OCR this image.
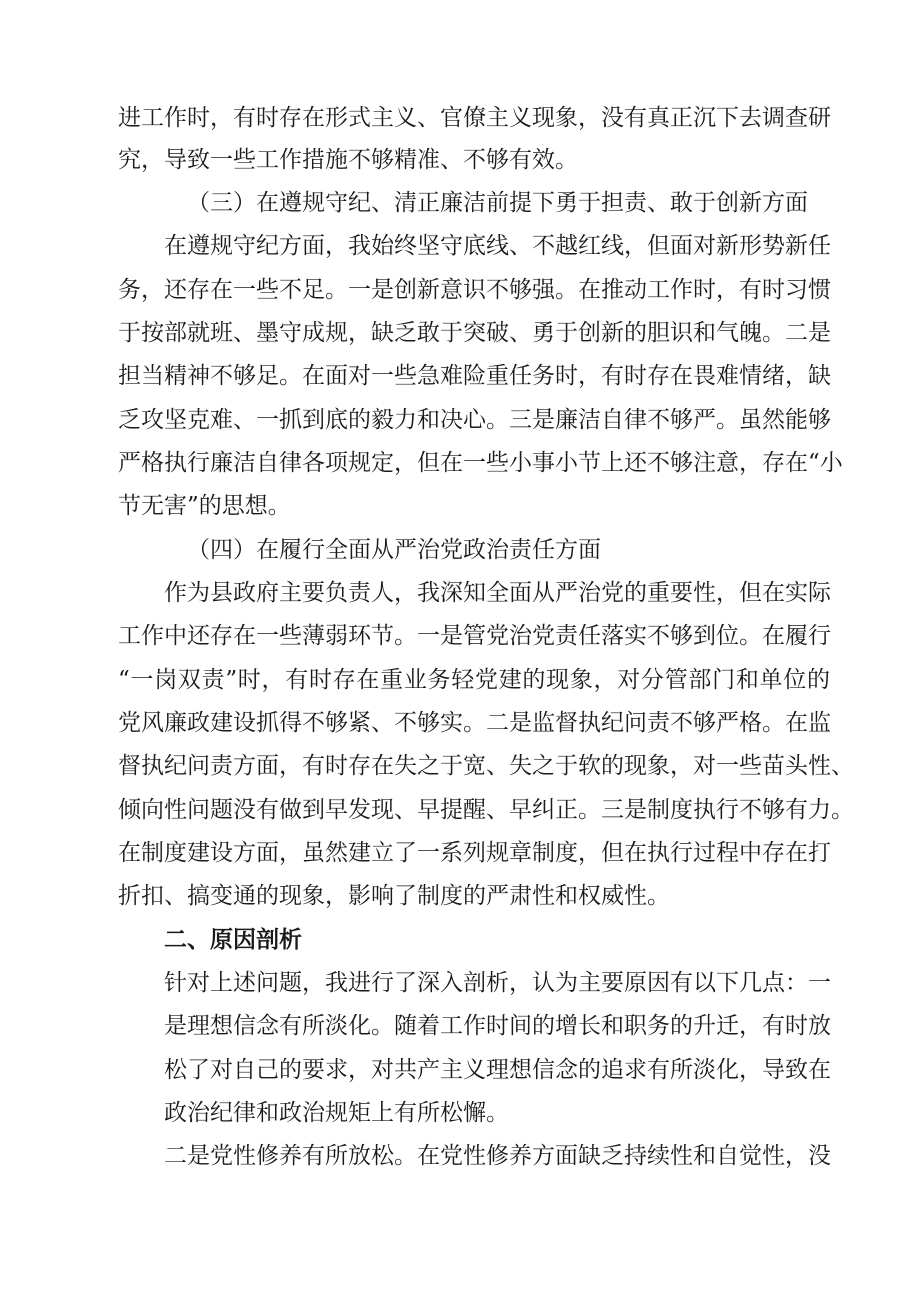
进工作时，有时存在形式主义、官僚主义现象，没有真正沉下去调查研
究，导致一些工作措施不够精准、不够有效。
（三）在遵规守纪、清正廉洁前提下勇于担责、敢于创新方面
在遵规守纪方面，我始终坚守底线、不越红线，但面对新形势新任
务，还存在一些不足。一是创新意识不够强。在推动工作时，有时习惯
于按部就班、墨守成规，缺乏敢于突破、勇于创新的胆识和气魄。二是
担当精神不够足。在面对一些急难险重任务时，有时存在畏难情绪，缺
乏攻坚克难、一抓到底的毅力和决心。三是廉洁自律不够严。虽然能够
严格执行廉洁自律各项规定，但在一些小事小节上还不够注意，存在“小
节无害”的思想。
（四）在履行全面从严治党政治责任方面
作为县政府主要负责人，我深知全面从严治党的重要性，但在实际
工作中还存在一些薄弱环节。一是管党治党责任落实不够到位。在履行
“一岗双责”时，有时存在重业务轻党建的现象，对分管部门和单位的
党风廉政建设抓得不够紧、不够实。二是监督执纪问责不够严格。在监
督执纪问责方面，有时存在失之于宽、失之于软的现象，对一些苗头性、
倾向性问题没有做到早发现、早提醒、早纠正。三是制度执行不够有力。
在制度建设方面，虽然建立了一系列规章制度，但在执行过程中存在打
折扣、搞变通的现象，影响了制度的严肃性和权威性。
二、原因剖析
针对上述问题，我进行了深入剖析，认为主要原因有以下几点：一
是理想信念有所淡化。随着工作时间的增长和职务的升迁，有时放
松了对自己的要求，对共产主义理想信念的追求有所淡化，导致在
政治纪律和政治规矩上有所松懈。
二是党性修养有所放松。在党性修养方面缺乏持续性和自觉性，没
